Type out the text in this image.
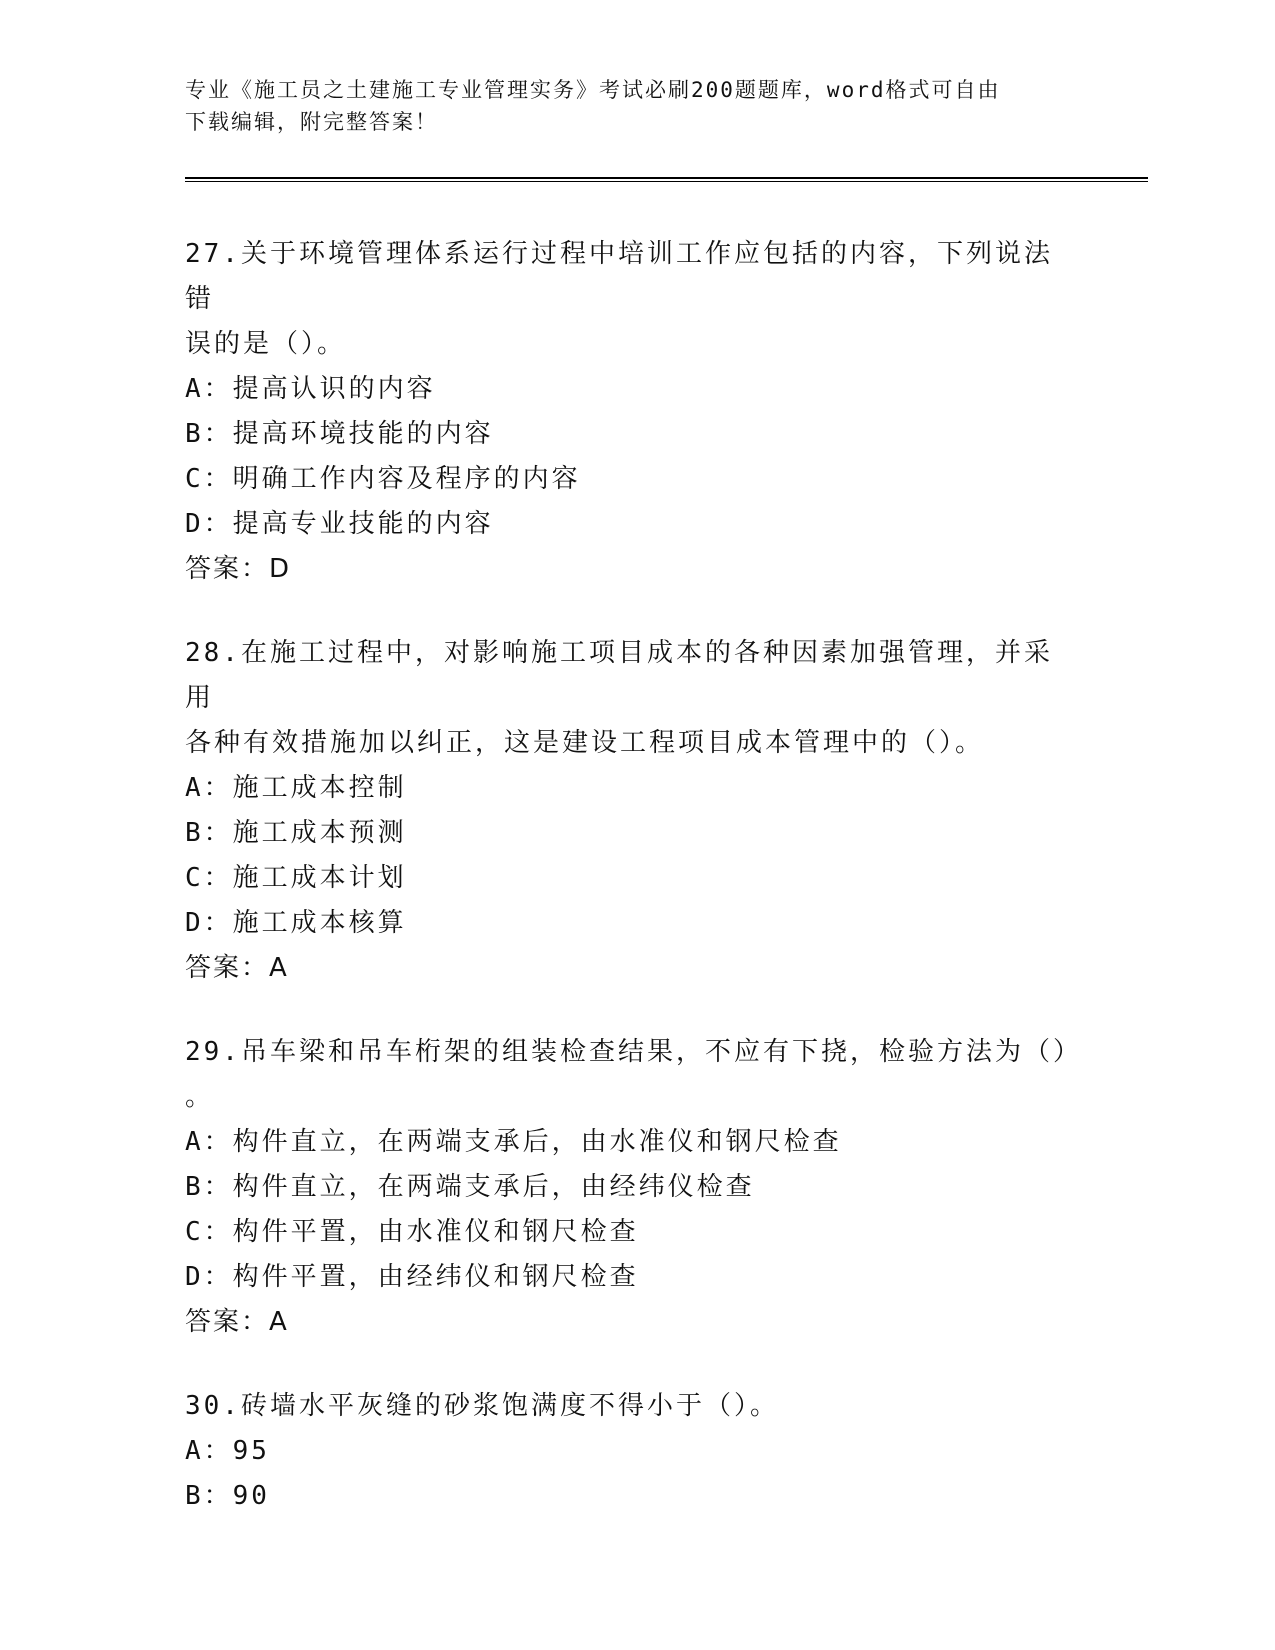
专业《施工员之土建施工专业管理实务》考试必刷200题题库，word格式可自由
下载编辑，附完整答案！
27.关于环境管理体系运行过程中培训工作应包括的内容，下列说法错
误的是（）。
A：提高认识的内容
B：提高环境技能的内容
C：明确工作内容及程序的内容
D：提高专业技能的内容
答案：D
28.在施工过程中，对影响施工项目成本的各种因素加强管理，并采用
各种有效措施加以纠正，这是建设工程项目成本管理中的（）。
A：施工成本控制
B：施工成本预测
C：施工成本计划
D：施工成本核算
答案：A
29.吊车梁和吊车桁架的组装检查结果，不应有下挠，检验方法为（）
。
A：构件直立，在两端支承后，由水准仪和钢尺检查
B：构件直立，在两端支承后，由经纬仪检查
C：构件平置，由水准仪和钢尺检查
D：构件平置，由经纬仪和钢尺检查
答案：A
30.砖墙水平灰缝的砂浆饱满度不得小于（）。
A：95
B：90
